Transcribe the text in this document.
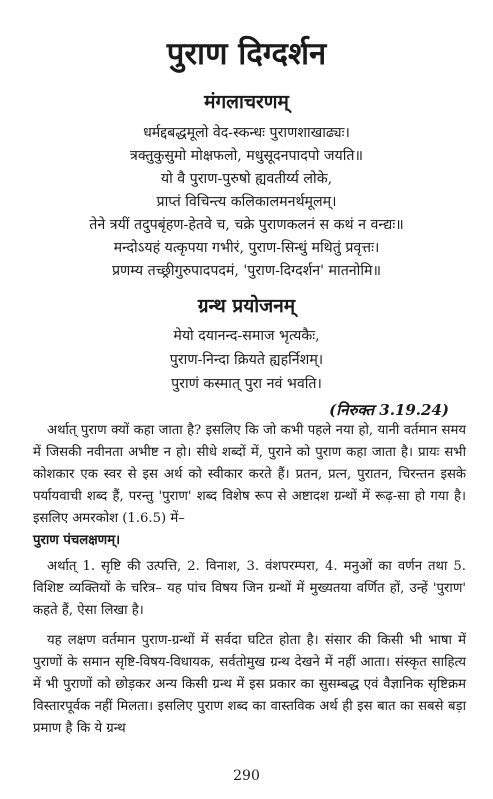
पुराण दिग्दर्शन
मंगलाचरणम्
धर्मद्दबद्धमूलो वेद-स्कन्धः पुराणशाखाढ्यः।
त्रक्तुकुसुमो मोक्षफलो, मधुसूदनपादपो जयति॥
यो वै पुराण-पुरुषो ह्यवतीर्य्य लोके,
प्राप्तं विचिन्त्य कलिकालमनर्थमूलम्।
तेने त्रयीं तदुपबृंहण-हेतवे च, चक्रे पुराणकलनं स कथं न वन्द्यः॥
मन्दोऽयहं यत्कृपया गभीरं, पुराण-सिन्धुं मथितुं प्रवृत्तः।
प्रणम्य तच्छ्रीगुरुपादपदमं, 'पुराण-दिग्दर्शन' मातनोमि॥
ग्रन्थ प्रयोजनम्
मेयो दयानन्द-समाज भृत्यकैः,
पुराण-निन्दा क्रियते ह्यहर्निशम्।
पुराणं कस्मात् पुरा नवं भवति।
(निरुक्त 3.19.24)

अर्थात् पुराण क्यों कहा जाता है? इसलिए कि जो कभी पहले नया हो, यानी वर्तमान समय में जिसकी नवीनता अभीष्ट न हो। सीधे शब्दों में, पुराने को पुराण कहा जाता है। प्रायः सभी कोशकार एक स्वर से इस अर्थ को स्वीकार करते हैं। प्रतन, प्रत्न, पुरातन, चिरन्तन इसके पर्यायवाची शब्द हैं, परन्तु 'पुराण' शब्द विशेष रूप से अष्टादश ग्रन्थों में रूढ़-सा हो गया है। इसलिए अमरकोश (1.6.5) में–

पुराण पंचलक्षणम्।

अर्थात् 1. सृष्टि की उत्पत्ति, 2. विनाश, 3. वंशपरम्परा, 4. मनुओं का वर्णन तथा 5. विशिष्ट व्यक्तियों के चरित्र– यह पांच विषय जिन ग्रन्थों में मुख्यतया वर्णित हों, उन्हें 'पुराण' कहते हैं, ऐसा लिखा है।

यह लक्षण वर्तमान पुराण-ग्रन्थों में सर्वदा घटित होता है। संसार की किसी भी भाषा में पुराणों के समान सृष्टि-विषय-विधायक, सर्वतोमुख ग्रन्थ देखने में नहीं आता। संस्कृत साहित्य में भी पुराणों को छोड़कर अन्य किसी ग्रन्थ में इस प्रकार का सुसम्बद्ध एवं वैज्ञानिक सृष्टिक्रम विस्तारपूर्वक नहीं मिलता। इसलिए पुराण शब्द का वास्तविक अर्थ ही इस बात का सबसे बड़ा प्रमाण है कि ये ग्रन्थ

290
